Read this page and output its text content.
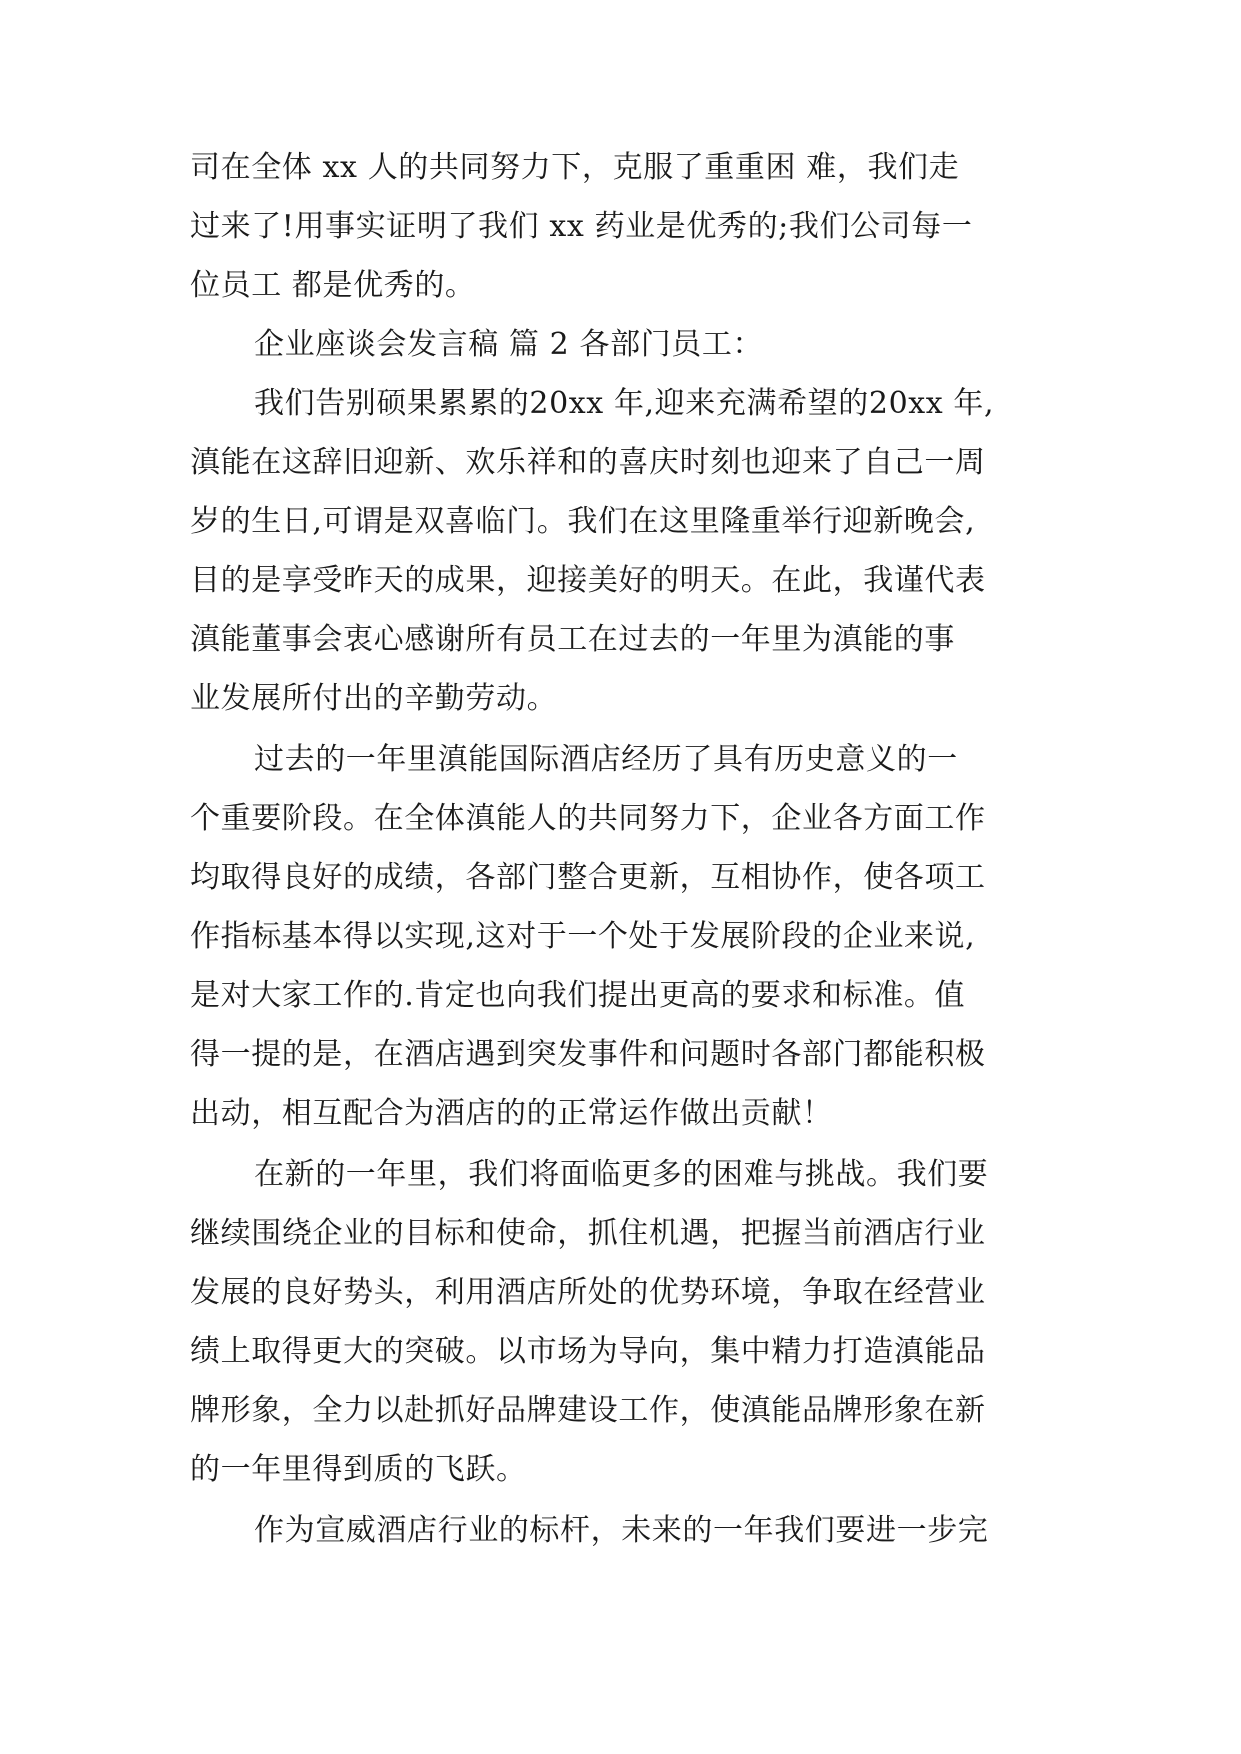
司在全体 xx 人的共同努力下，克服了重重困 难，我们走
过来了!用事实证明了我们 xx 药业是优秀的;我们公司每一
位员工 都是优秀的。
企业座谈会发言稿 篇 2 各部门员工：
我们告别硕果累累的20xx 年,迎来充满希望的20xx 年,
滇能在这辞旧迎新、欢乐祥和的喜庆时刻也迎来了自己一周
岁的生日,可谓是双喜临门。我们在这里隆重举行迎新晚会,
目的是享受昨天的成果，迎接美好的明天。在此，我谨代表
滇能董事会衷心感谢所有员工在过去的一年里为滇能的事
业发展所付出的辛勤劳动。
过去的一年里滇能国际酒店经历了具有历史意义的一
个重要阶段。在全体滇能人的共同努力下，企业各方面工作
均取得良好的成绩，各部门整合更新，互相协作，使各项工
作指标基本得以实现,这对于一个处于发展阶段的企业来说,
是对大家工作的.肯定也向我们提出更高的要求和标准。值
得一提的是，在酒店遇到突发事件和问题时各部门都能积极
出动，相互配合为酒店的的正常运作做出贡献！
在新的一年里，我们将面临更多的困难与挑战。我们要
继续围绕企业的目标和使命，抓住机遇，把握当前酒店行业
发展的良好势头，利用酒店所处的优势环境，争取在经营业
绩上取得更大的突破。以市场为导向，集中精力打造滇能品
牌形象，全力以赴抓好品牌建设工作，使滇能品牌形象在新
的一年里得到质的飞跃。
作为宣威酒店行业的标杆，未来的一年我们要进一步完
